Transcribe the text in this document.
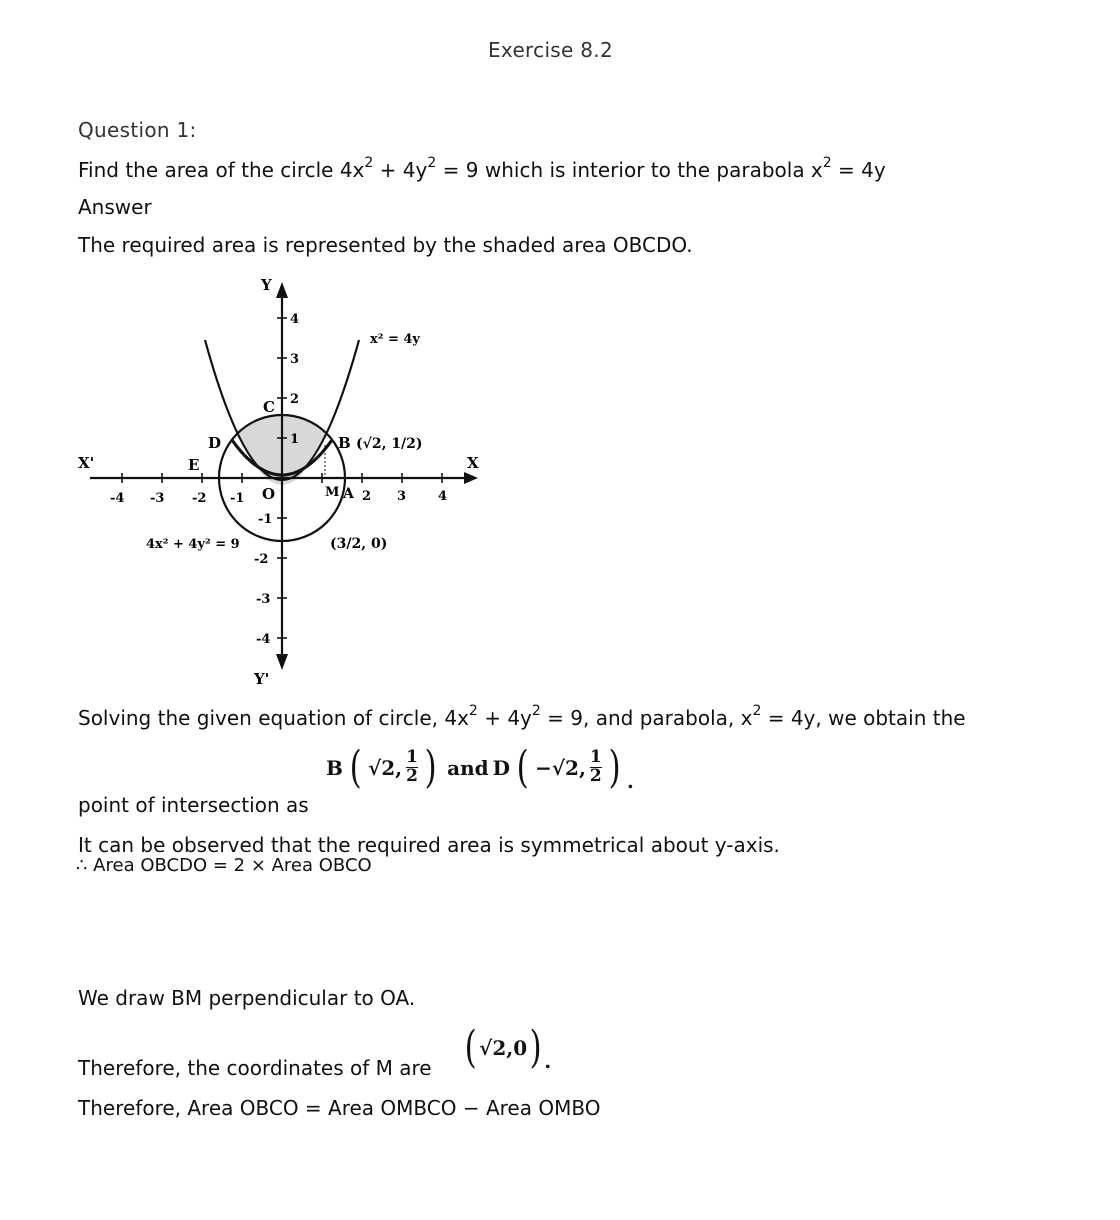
Exercise 8.2
Question 1:
Find the area of the circle $4x^2 + 4y^2 = 9$ which is interior to the parabola $x^2 = 4y$
Answer
The required area is represented by the shaded area OBCDO.
Y
Y'
X
X'
O
-4 -3 -2 -1	2 3 4
4
3
2
1
-1
-2
-3
-4
C
D
E
B
M A
x² = 4y
4x² + 4y² = 9
(√2, 1/2)
(3/2, 0)
Solving the given equation of circle, $4x^2 + 4y^2 = 9$, and parabola, $x^2 = 4y$, we obtain the
B ( √2, $\frac{1}{2}$ ) and D ( −√2, $\frac{1}{2}$ ) .
point of intersection as
It can be observed that the required area is symmetrical about y-axis.
∴ Area OBCDO = 2 × Area OBCO
We draw BM perpendicular to OA.
Therefore, the coordinates of M are ( √2,0 ) .
Therefore, Area OBCO = Area OMBCO − Area OMBO
